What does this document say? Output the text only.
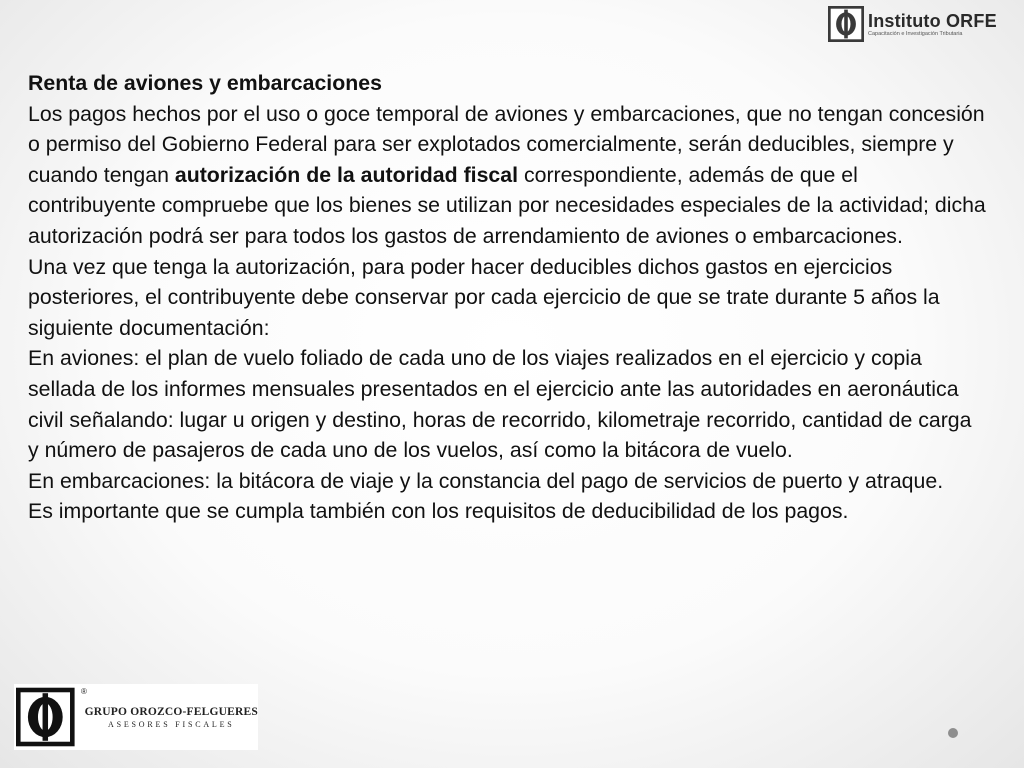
Instituto ORFE
Capacitación e Investigación Tributaria

Renta de aviones y embarcaciones

Los pagos hechos por el uso o goce temporal de aviones y embarcaciones, que no tengan concesión o permiso del Gobierno Federal para ser explotados comercialmente, serán deducibles, siempre y cuando tengan autorización de la autoridad fiscal correspondiente, además de que el contribuyente compruebe que los bienes se utilizan por necesidades especiales de la actividad; dicha autorización podrá ser para todos los gastos de arrendamiento de aviones o embarcaciones.

Una vez que tenga la autorización, para poder hacer deducibles dichos gastos en ejercicios posteriores, el contribuyente debe conservar por cada ejercicio de que se trate durante 5 años la siguiente documentación:

En aviones: el plan de vuelo foliado de cada uno de los viajes realizados en el ejercicio y copia sellada de los informes mensuales presentados en el ejercicio ante las autoridades en aeronáutica civil señalando: lugar u origen y destino, horas de recorrido, kilometraje recorrido, cantidad de carga y número de pasajeros de cada uno de los vuelos, así como la bitácora de vuelo.

En embarcaciones: la bitácora de viaje y la constancia del pago de servicios de puerto y atraque.

Es importante que se cumpla también con los requisitos de deducibilidad de los pagos.

®
GRUPO OROZCO-FELGUERES
ASESORES FISCALES
